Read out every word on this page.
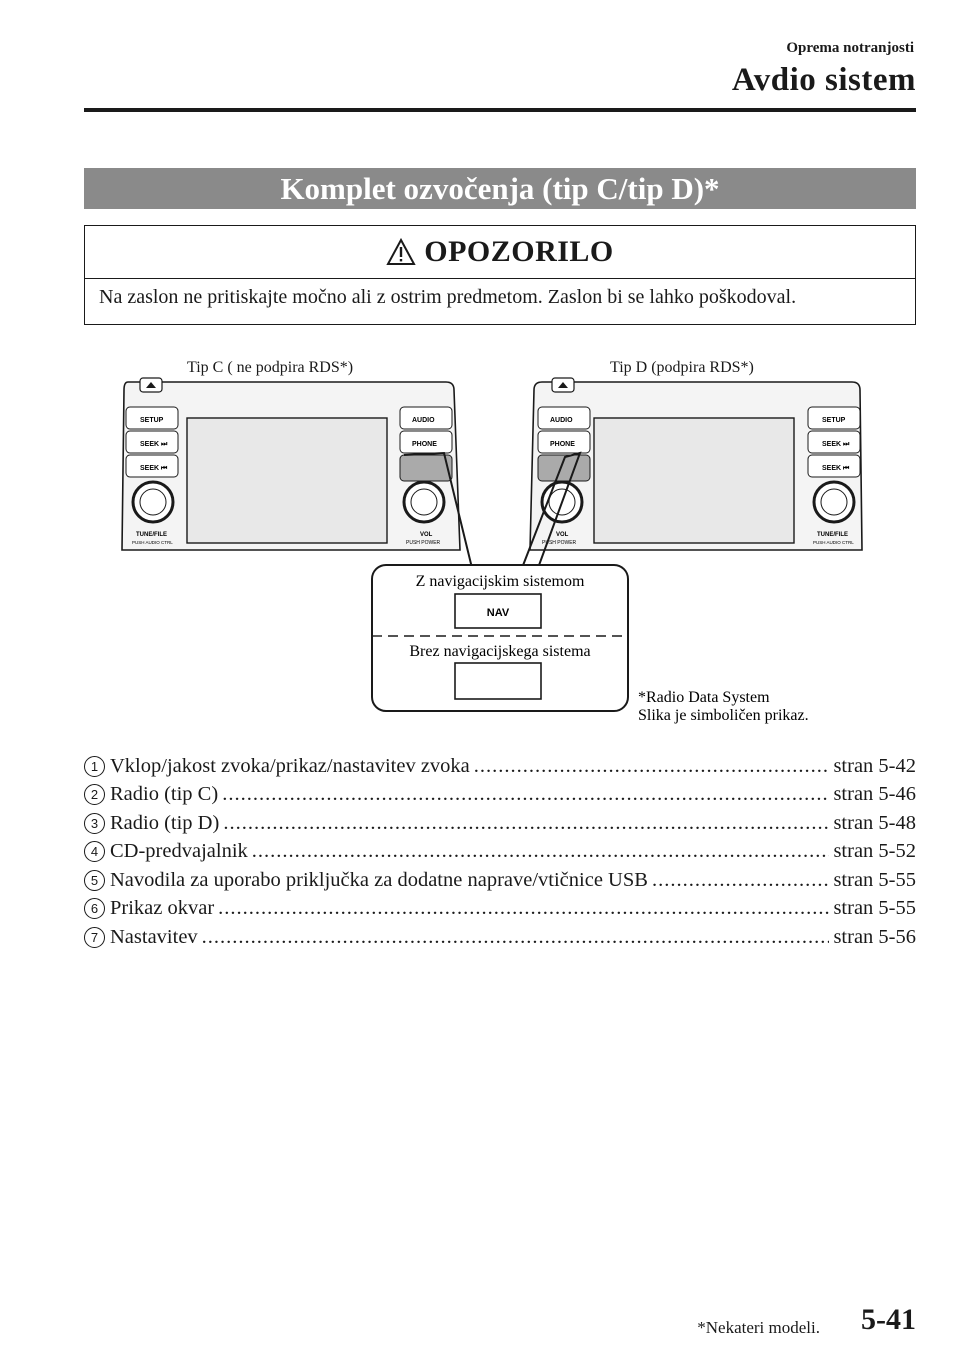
Oprema notranjosti
Avdio sistem
Komplet ozvočenja (tip C/tip D)*
OPOZORILO
Na zaslon ne pritiskajte močno ali z ostrim predmetom. Zaslon bi se lahko poškodoval.
Tip C ( ne podpira RDS*)	Tip D (podpira RDS*)
SETUP
SEEK ⏭
SEEK ⏮
AUDIO
PHONE
TUNE/FILE
PUSH AUDIO CTRL
VOL
PUSH POWER
AUDIO
PHONE
SETUP
SEEK ⏭
SEEK ⏮
VOL
PUSH POWER
TUNE/FILE
PUSH AUDIO CTRL
Z navigacijskim sistemom
NAV
Brez navigacijskega sistema
*Radio Data System
Slika je simboličen prikaz.
1 Vklop/jakost zvoka/prikaz/nastavitev zvoka .....	stran 5-42
2 Radio (tip C) .....	stran 5-46
3 Radio (tip D) .....	stran 5-48
4 CD-predvajalnik .....	stran 5-52
5 Navodila za uporabo priključka za dodatne naprave/vtičnice USB .....	stran 5-55
6 Prikaz okvar .....	stran 5-55
7 Nastavitev .....	stran 5-56
*Nekateri modeli. 5-41
